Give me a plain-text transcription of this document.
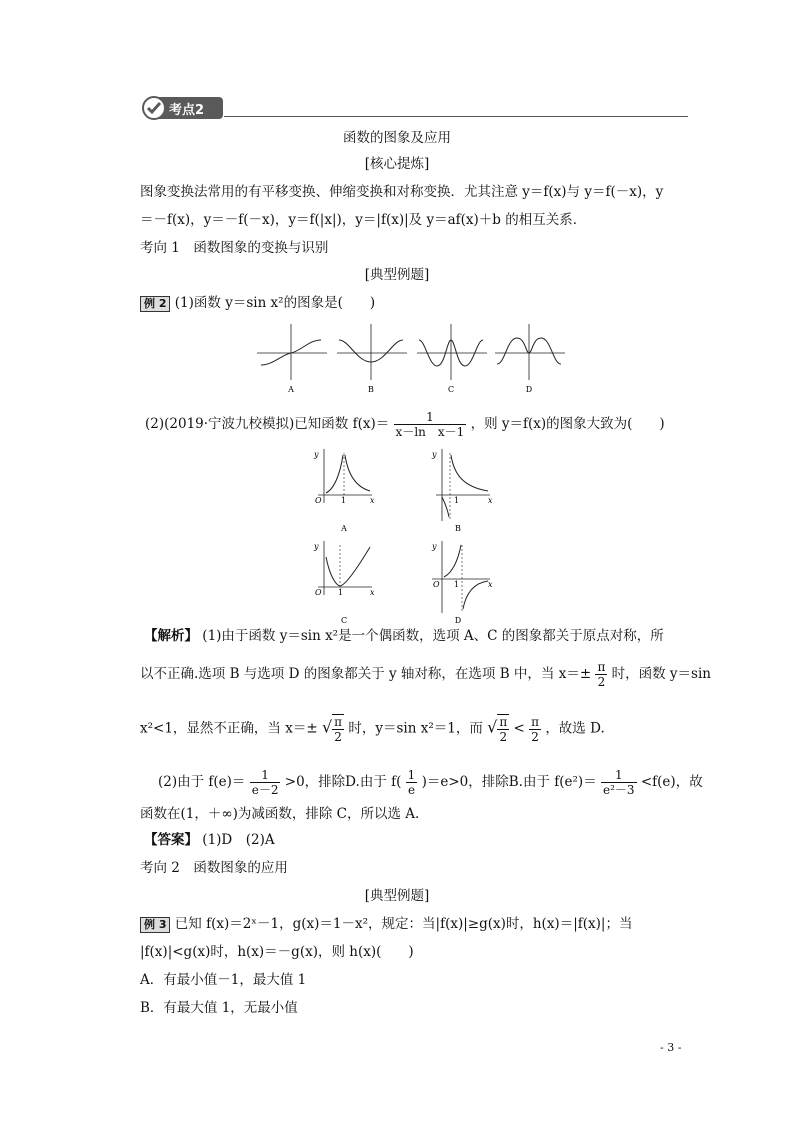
考点2
函数的图象及应用
[核心提炼]
图象变换法常用的有平移变换、伸缩变换和对称变换．尤其注意 y＝f(x)与 y＝f(－x)，y
＝－f(x)，y＝－f(－x)，y＝f(|x|)，y＝|f(x)|及 y＝af(x)＋b 的相互关系．
考向 1　函数图象的变换与识别
[典型例题]
例 2 (1)函数 y＝sin x²的图象是(　　)
A	B	C	D
(2)(2019·宁波九校模拟)已知函数 $f(x)= \frac{1}{\text{x－ln　x－1}}$ ，则 y＝f(x)的图象大致为(　　)
y
x
O 1
A
y
x
1
B
y
x
O 1
C
y
x
O 1
D
【解析】 (1)由于函数 y＝sin x²是一个偶函数，选项 A、C 的图象都关于原点对称，所
以不正确.选项 B 与选项 D 的图象都关于 y 轴对称，在选项 B 中，当 $x=\pm \frac{\pi}{2}$ 时，函数 y＝sin
x²<1，显然不正确，当 x＝± √ $\frac{\pi}{2}$ 时，y＝sin x²＝1，而 √ $\frac{\pi}{2} < \frac{\pi}{2}$ ，故选 D.
(2)由于 $f(e)= \frac{1}{e-2} >0$，排除D.由于 $f( \frac{1}{e} )=e>0$，排除B.由于 $f(e^2)= \frac{1}{\text{e²－3}} <f(e)$，故
函数在(1，＋∞)为减函数，排除 C，所以选 A.
【答案】 (1)D　(2)A
考向 2　函数图象的应用
[典型例题]
例 3 已知 f(x)＝2ˣ－1，g(x)＝1－x²，规定：当|f(x)|≥g(x)时，h(x)＝|f(x)|；当
|f(x)|<g(x)时，h(x)＝－g(x)，则 h(x)(　　)
A．有最小值－1，最大值 1
B．有最大值 1，无最小值
- 3 -
